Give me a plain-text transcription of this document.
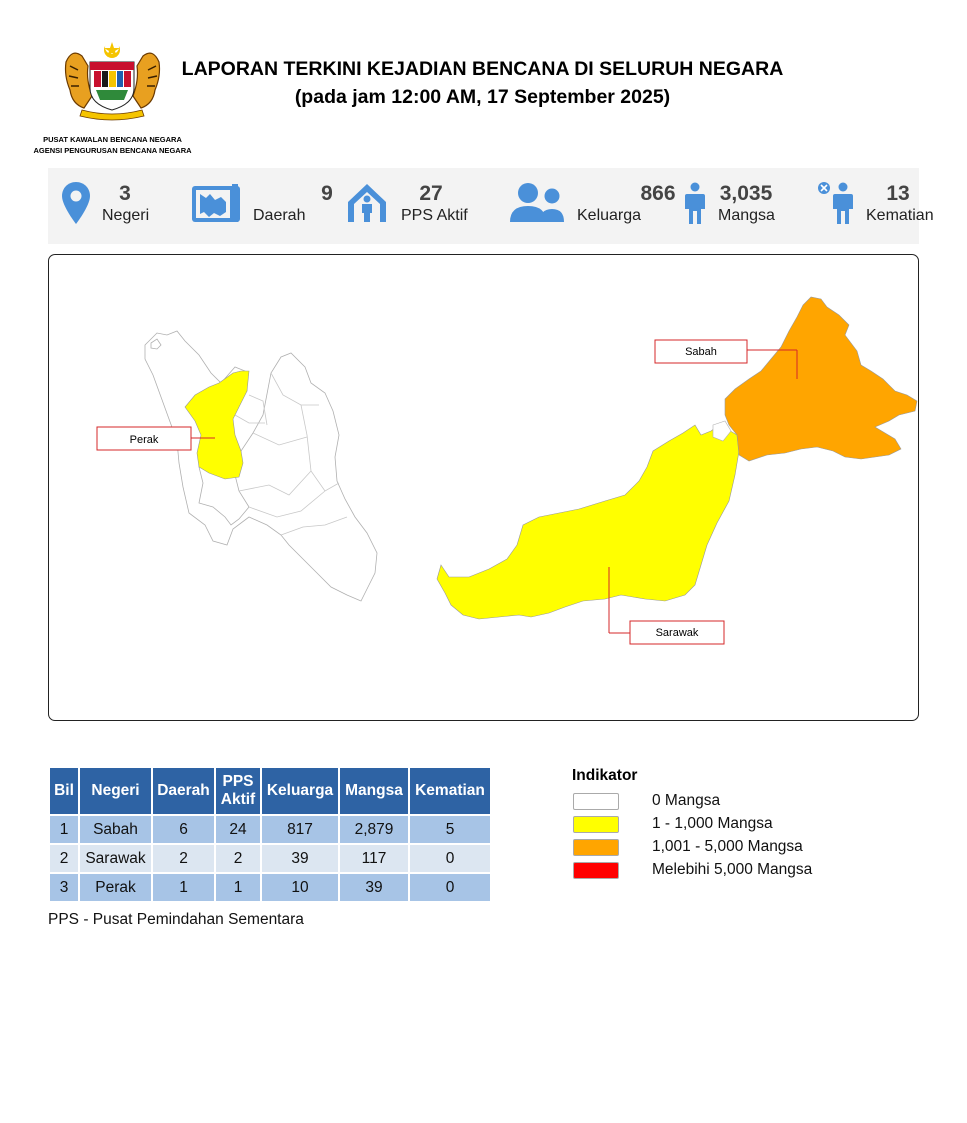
PUSAT KAWALAN BENCANA NEGARA
AGENSI PENGURUSAN BENCANA NEGARA
LAPORAN TERKINI KEJADIAN BENCANA DI SELURUH NEGARA
(pada jam 12:00 AM, 17 September 2025)
3
Negeri
9
Daerah
27
PPS Aktif
866
Keluarga
3,035
Mangsa
13
Kematian
Sabah
Perak
Sarawak
Bil	Negeri	Daerah	PPS Aktif	Keluarga	Mangsa	Kematian
1	Sabah	6	24	817	2,879	5
2	Sarawak	2	2	39	117	0
3	Perak	1	1	10	39	0
PPS - Pusat Pemindahan Sementara
Indikator
0 Mangsa
1 - 1,000 Mangsa
1,001 - 5,000 Mangsa
Melebihi 5,000 Mangsa
